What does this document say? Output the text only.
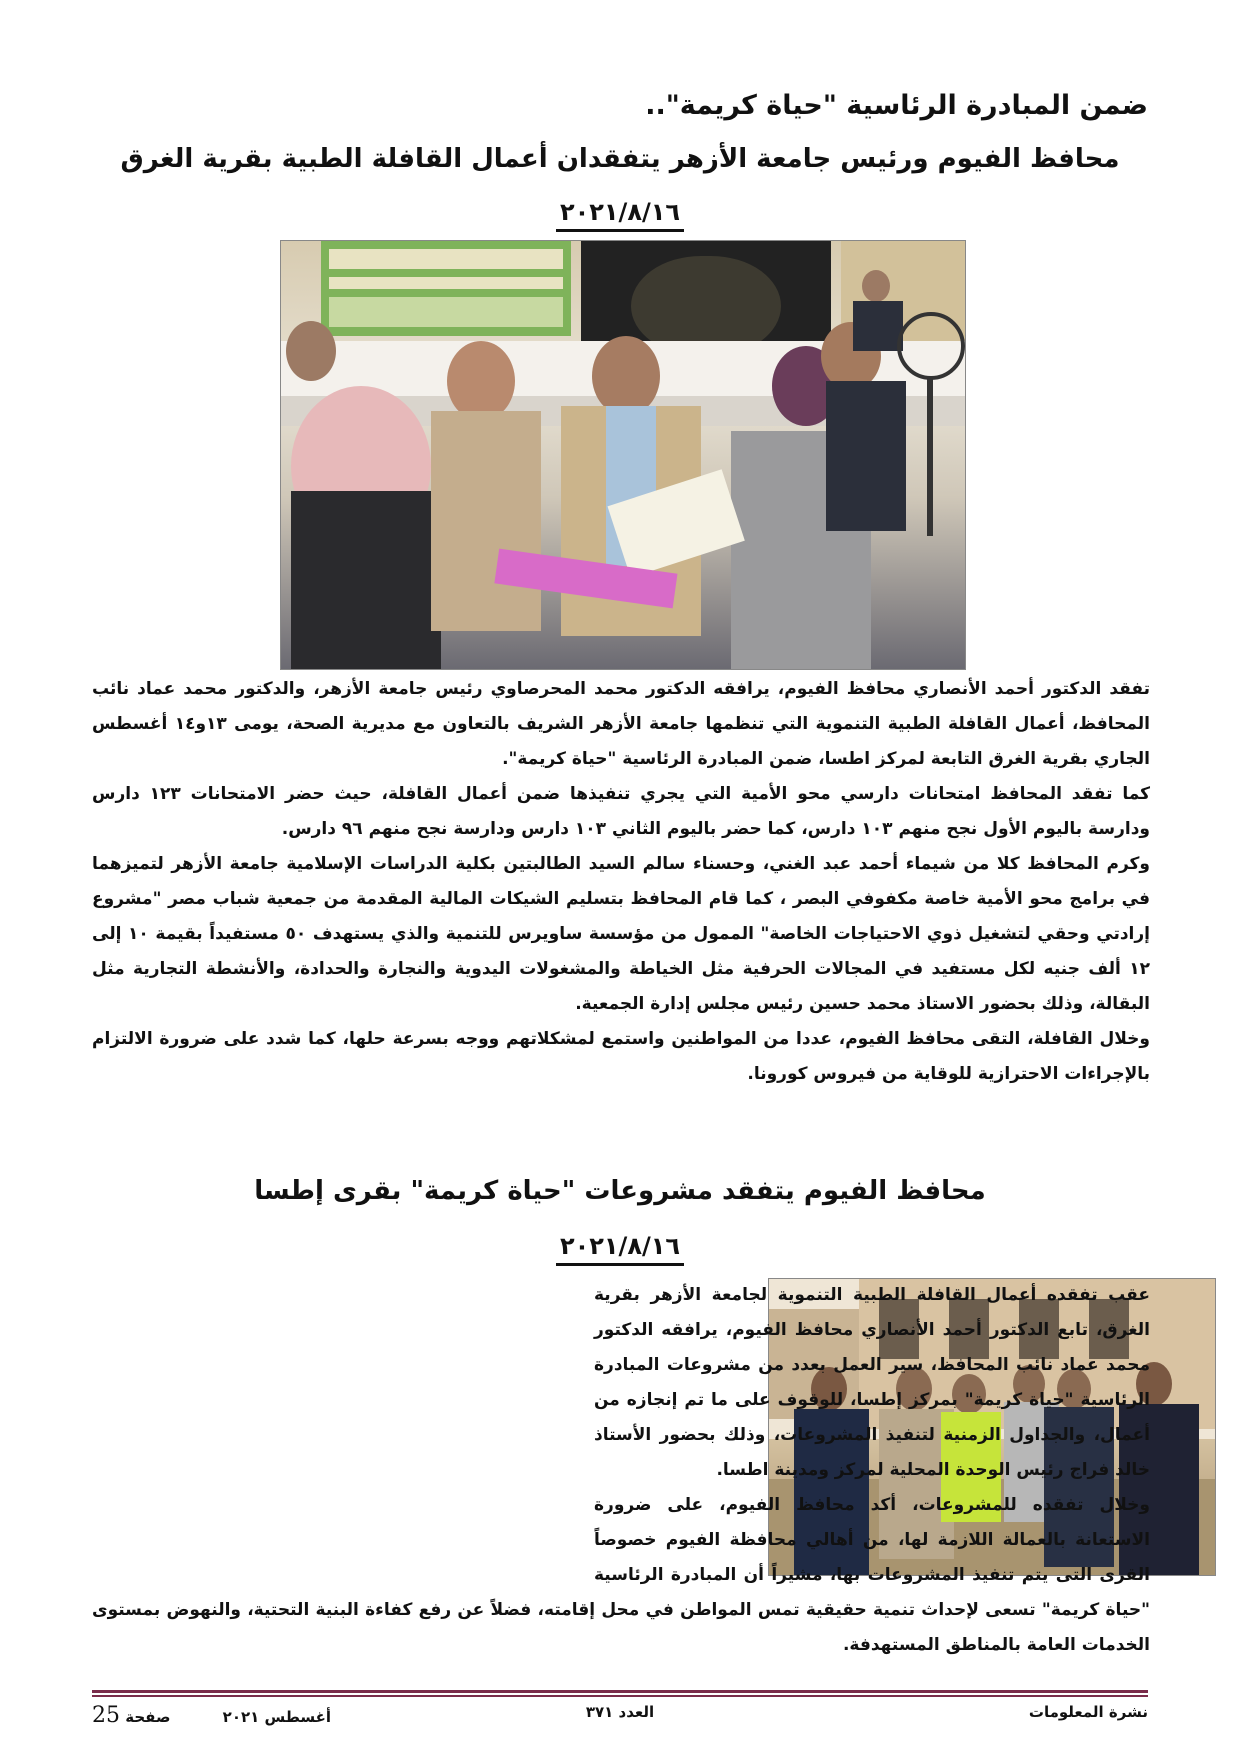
ضمن المبادرة الرئاسية "حياة كريمة"..
محافظ الفيوم ورئيس جامعة الأزهر يتفقدان أعمال القافلة الطبية بقرية الغرق
٢٠٢١/٨/١٦

تفقد الدكتور أحمد الأنصاري محافظ الفيوم، يرافقه الدكتور محمد المحرصاوي رئيس جامعة الأزهر، والدكتور محمد عماد نائب المحافظ، أعمال القافلة الطبية التنموية التي تنظمها جامعة الأزهر الشريف بالتعاون مع مديرية الصحة، يومى ١٣و١٤ أغسطس الجاري بقرية الغرق التابعة لمركز اطسا، ضمن المبادرة الرئاسية "حياة كريمة".

كما تفقد المحافظ امتحانات دارسي محو الأمية التي يجري تنفيذها ضمن أعمال القافلة، حيث حضر الامتحانات ١٢٣ دارس ودارسة باليوم الأول نجح منهم ١٠٣ دارس، كما حضر باليوم الثاني ١٠٣ دارس ودارسة نجح منهم ٩٦ دارس.

وكرم المحافظ كلا من شيماء أحمد عبد الغني، وحسناء سالم السيد الطالبتين بكلية الدراسات الإسلامية جامعة الأزهر لتميزهما في برامج محو الأمية خاصة مكفوفي البصر ، كما قام المحافظ بتسليم الشيكات المالية المقدمة من جمعية شباب مصر "مشروع إرادتي وحقي لتشغيل ذوي الاحتياجات الخاصة" الممول من مؤسسة ساويرس للتنمية والذي يستهدف ٥٠ مستفيداً بقيمة ١٠ إلى ١٢ ألف جنيه لكل مستفيد في المجالات الحرفية مثل الخياطة والمشغولات اليدوية والنجارة والحدادة، والأنشطة التجارية مثل البقالة، وذلك بحضور الاستاذ محمد حسين رئيس مجلس إدارة الجمعية.

وخلال القافلة، التقى محافظ الفيوم، عددا من المواطنين واستمع لمشكلاتهم ووجه بسرعة حلها، كما شدد على ضرورة الالتزام بالإجراءات الاحترازية للوقاية من فيروس كورونا.

محافظ الفيوم يتفقد مشروعات "حياة كريمة" بقرى إطسا
٢٠٢١/٨/١٦

عقب تفقده أعمال القافلة الطبية التنموية لجامعة الأزهر بقرية الغرق، تابع الدكتور أحمد الأنصاري محافظ الفيوم، يرافقه الدكتور محمد عماد نائب المحافظ، سير العمل بعدد من مشروعات المبادرة الرئاسية "حياة كريمة" بمركز إطسا، للوقوف على ما تم إنجازه من أعمال، والجداول الزمنية لتنفيذ المشروعات، وذلك بحضور الأستاذ خالد فراج رئيس الوحدة المحلية لمركز ومدينة اطسا.

وخلال تفقده للمشروعات، أكد محافظ الفيوم، على ضرورة الاستعانة بالعمالة اللازمة لها، من أهالي محافظة الفيوم خصوصاً القرى التى يتم تنفيذ المشروعات بها، مشيراً أن المبادرة الرئاسية "حياة كريمة" تسعى لإحداث تنمية حقيقية تمس المواطن في محل إقامته، فضلاً عن رفع كفاءة البنية التحتية، والنهوض بمستوى الخدمات العامة بالمناطق المستهدفة.

نشرة المعلومات
العدد ٣٧١
أغسطس ٢٠٢١          صفحة 25
